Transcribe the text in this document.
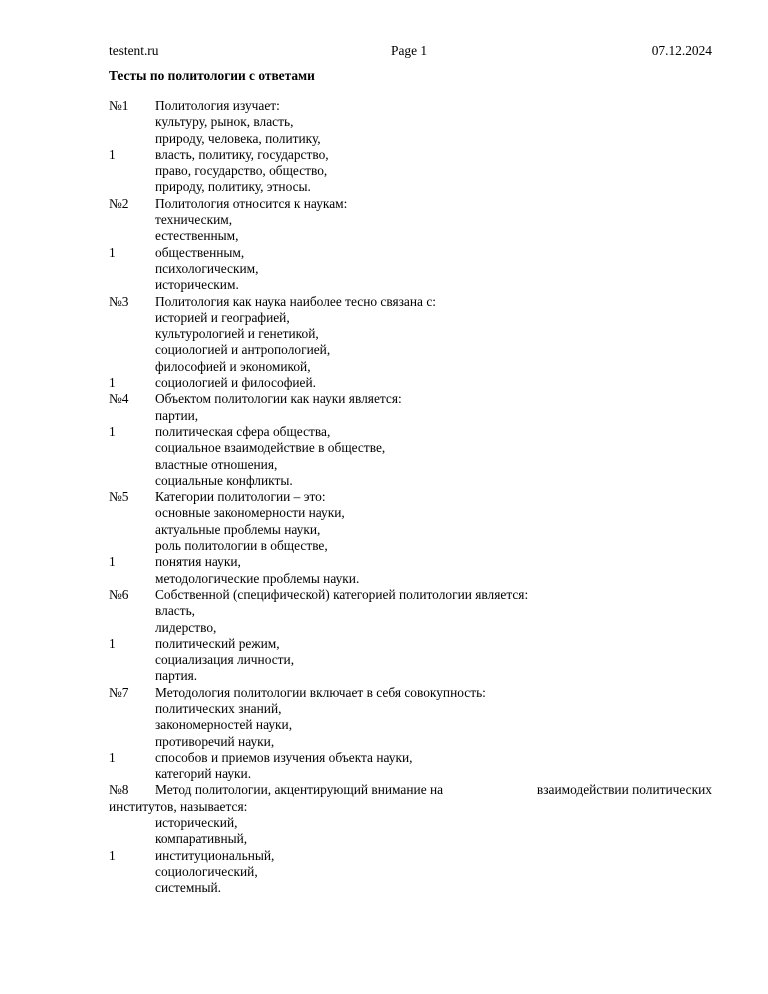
testent.ru	Page 1	07.12.2024
Тесты по политологии с ответами
№1 Политология изучает:
культуру, рынок, власть,
природу, человека, политику,
1	власть, политику, государство,
право, государство, общество,
природу, политику, этносы.
№2 Политология относится к наукам:
техническим,
естественным,
1	общественным,
психологическим,
историческим.
№3 Политология как наука наиболее тесно связана с:
историей и географией,
культурологией и генетикой,
социологией и антропологией,
философией и экономикой,
1	социологией и философией.
№4 Объектом политологии как науки является:
партии,
1	политическая сфера общества,
социальное взаимодействие в обществе,
властные отношения,
социальные конфликты.
№5 Категории политологии – это:
основные закономерности науки,
актуальные проблемы науки,
роль политологии в обществе,
1	понятия науки,
методологические проблемы науки.
№6 Собственной (специфической) категорией политологии является:
власть,
лидерство,
1	политический режим,
социализация личности,
партия.
№7 Методология политологии включает в себя совокупность:
политических знаний,
закономерностей науки,
противоречий науки,
1	способов и приемов изучения объекта науки,
категорий науки.
№8 Метод политологии, акцентирующий внимание на	взаимодействии политических
институтов, называется:
исторический,
компаративный,
1	институциональный,
социологический,
системный.
